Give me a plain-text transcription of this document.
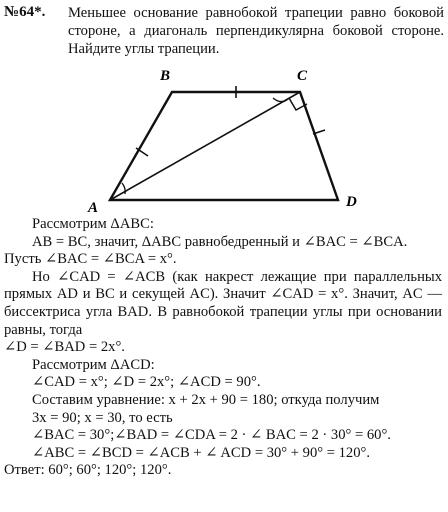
№64*. Меньшее основание равнобокой трапеции равно боковой стороне, а диагональ перпендикулярна боковой стороне. Найдите углы трапеции.
A
B	C
D

Рассмотрим ΔABC:

AB = BC, значит, ΔABC равнобедренный и ∠BAC = ∠BCA.

Пусть ∠BAC = ∠BCA = x°.

Но ∠CAD = ∠ACB (как накрест лежащие при параллельных прямых AD и BC и секущей AC). Значит ∠CAD = x°. Значит, AC — биссектриса угла BAD. В равнобокой трапеции углы при основании равны, тогда

∠D = ∠BAD = 2x°.

Рассмотрим ΔACD:

∠CAD = x°; ∠D = 2x°; ∠ACD = 90°.

Составим уравнение: x + 2x + 90 = 180; откуда получим

3x = 90; x = 30, то есть

∠BAC = 30°;∠BAD = ∠CDA = 2 · ∠ BAC = 2 · 30° = 60°.

∠ABC = ∠BCD = ∠ACB + ∠ ACD = 30° + 90° = 120°.

Ответ: 60°; 60°; 120°; 120°.
